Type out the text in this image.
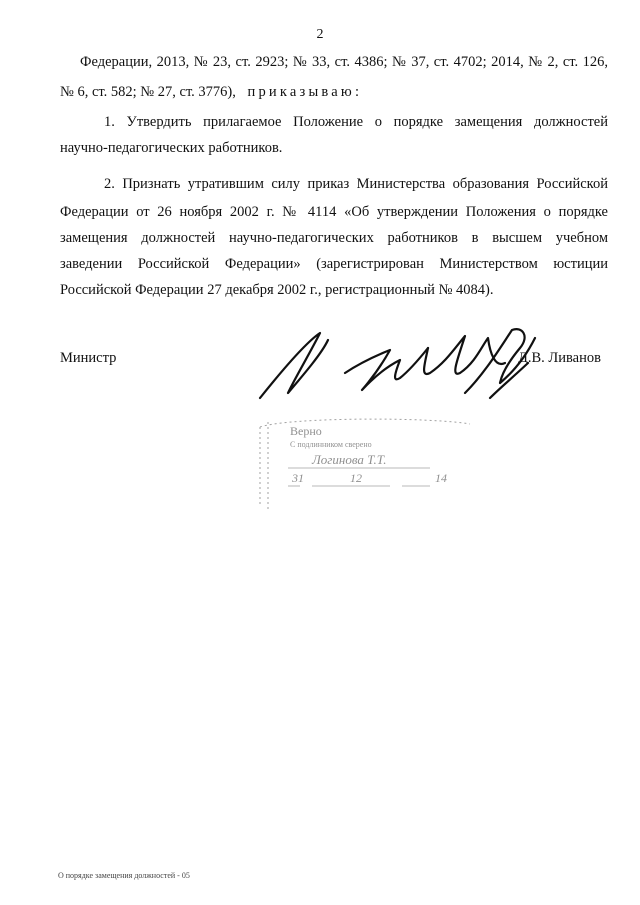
2
Федерации, 2013, № 23, ст. 2923; № 33, ст. 4386; № 37, ст. 4702; 2014, № 2, ст. 126,
№ 6, ст. 582; № 27, ст. 3776), приказываю:
1. Утвердить прилагаемое Положение о порядке замещения должностей
научно-педагогических работников.
2. Признать утратившим силу приказ Министерства образования Российской
Федерации от 26 ноября 2002 г. № 4114 «Об утверждении Положения о порядке
замещения должностей научно-педагогических работников в высшем учебном
заведении Российской Федерации» (зарегистрирован Министерством юстиции
Российской Федерации 27 декабря 2002 г., регистрационный № 4084).
Министр	Д.В. Ливанов
Верно
С подлинником сверено
Логинова Т.Т.
31	12	14
О порядке замещения должностей - 05
